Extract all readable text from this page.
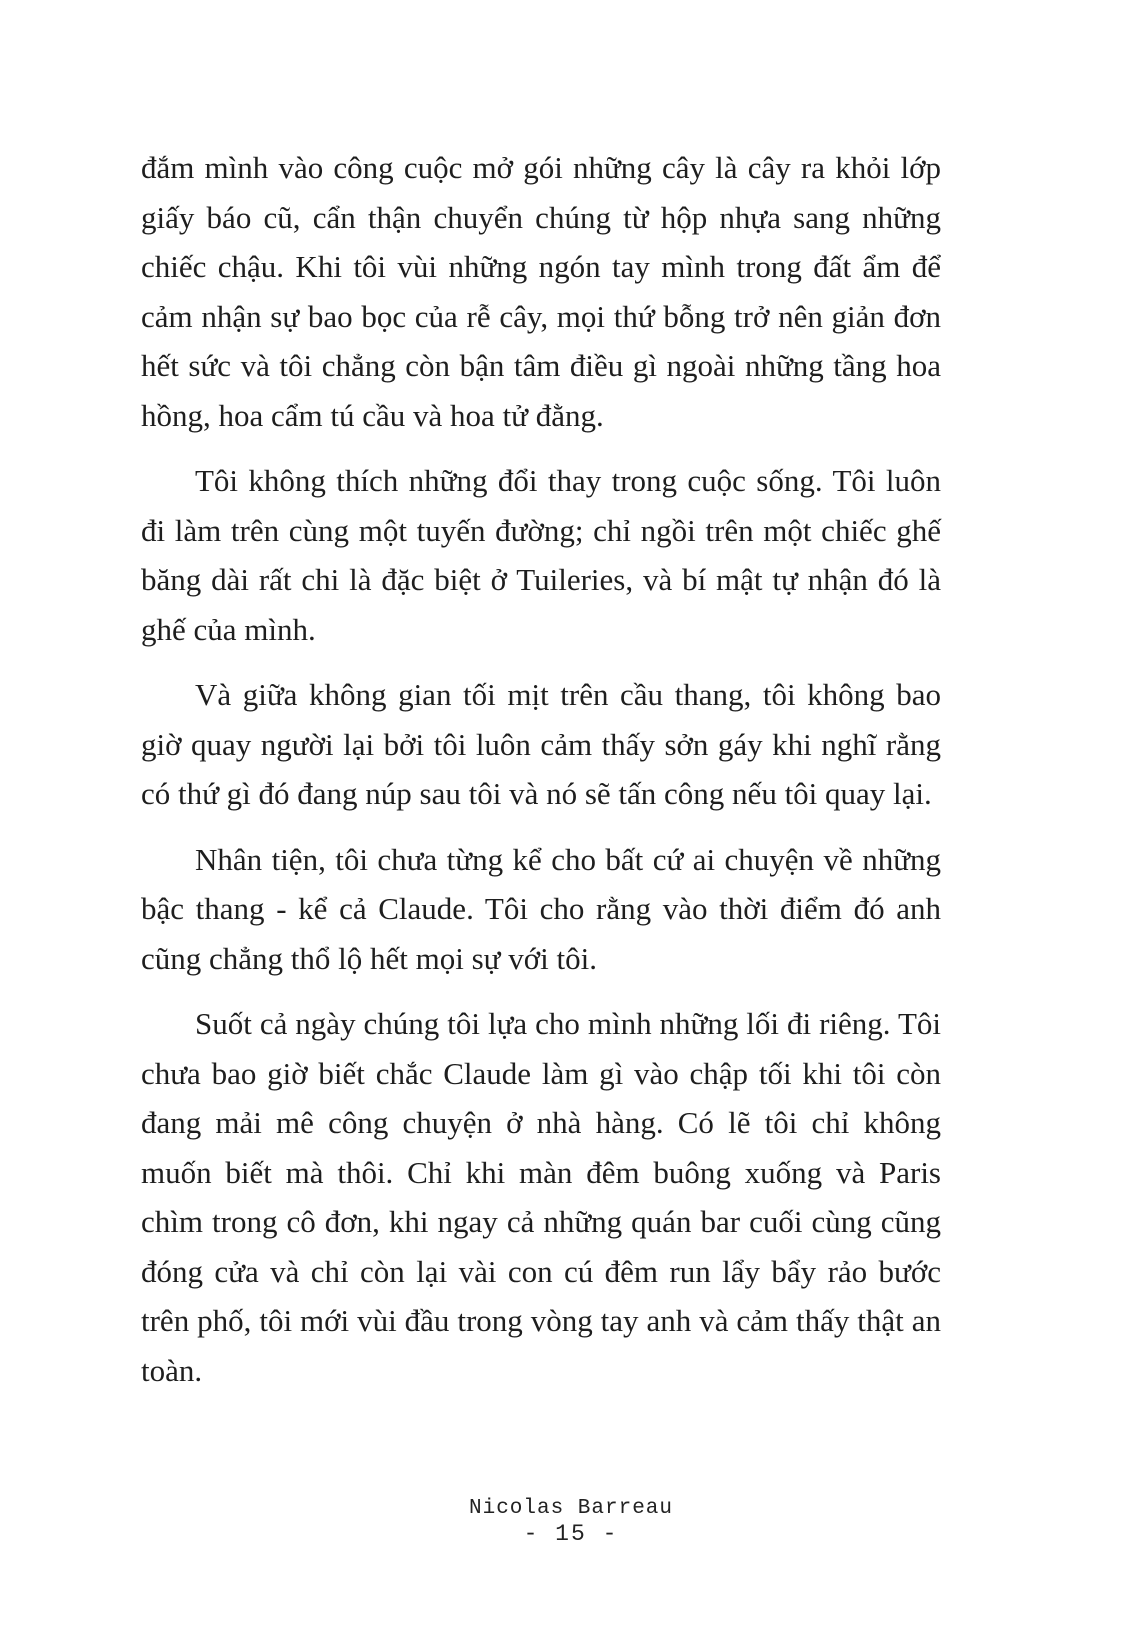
đắm mình vào công cuộc mở gói những cây là cây ra khỏi lớp giấy báo cũ, cẩn thận chuyển chúng từ hộp nhựa sang những chiếc chậu. Khi tôi vùi những ngón tay mình trong đất ẩm để cảm nhận sự bao bọc của rễ cây, mọi thứ bỗng trở nên giản đơn hết sức và tôi chẳng còn bận tâm điều gì ngoài những tầng hoa hồng, hoa cẩm tú cầu và hoa tử đằng.

Tôi không thích những đổi thay trong cuộc sống. Tôi luôn đi làm trên cùng một tuyến đường; chỉ ngồi trên một chiếc ghế băng dài rất chi là đặc biệt ở Tuileries, và bí mật tự nhận đó là ghế của mình.

Và giữa không gian tối mịt trên cầu thang, tôi không bao giờ quay người lại bởi tôi luôn cảm thấy sởn gáy khi nghĩ rằng có thứ gì đó đang núp sau tôi và nó sẽ tấn công nếu tôi quay lại.

Nhân tiện, tôi chưa từng kể cho bất cứ ai chuyện về những bậc thang - kể cả Claude. Tôi cho rằng vào thời điểm đó anh cũng chẳng thổ lộ hết mọi sự với tôi.

Suốt cả ngày chúng tôi lựa cho mình những lối đi riêng. Tôi chưa bao giờ biết chắc Claude làm gì vào chập tối khi tôi còn đang mải mê công chuyện ở nhà hàng. Có lẽ tôi chỉ không muốn biết mà thôi. Chỉ khi màn đêm buông xuống và Paris chìm trong cô đơn, khi ngay cả những quán bar cuối cùng cũng đóng cửa và chỉ còn lại vài con cú đêm run lẩy bẩy rảo bước trên phố, tôi mới vùi đầu trong vòng tay anh và cảm thấy thật an toàn.

Nicolas Barreau
- 15 -
